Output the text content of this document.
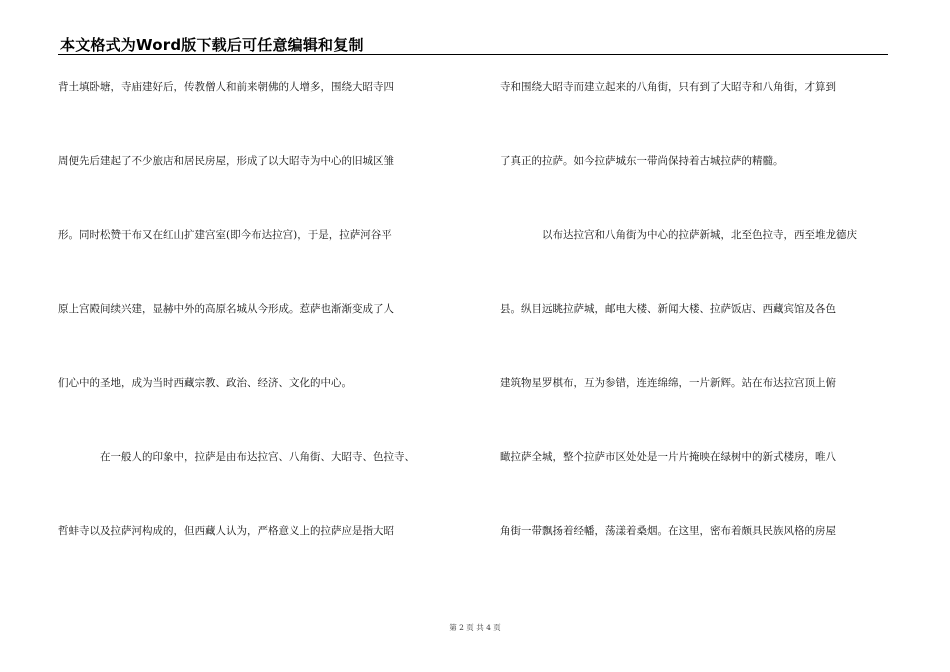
本文格式为Word版下载后可任意编辑和复制
背土填卧塘，寺庙建好后，传教僧人和前来朝佛的人增多，围绕大昭寺四
周便先后建起了不少旅店和居民房屋，形成了以大昭寺为中心的旧城区雏
形。同时松赞干布又在红山扩建宫室(即今布达拉宫)，于是，拉萨河谷平
原上宫殿间续兴建，显赫中外的高原名城从今形成。惹萨也渐渐变成了人
们心中的圣地，成为当时西藏宗教、政治、经济、文化的中心。
在一般人的印象中，拉萨是由布达拉宫、八角街、大昭寺、色拉寺、
哲蚌寺以及拉萨河构成的，但西藏人认为，严格意义上的拉萨应是指大昭
寺和围绕大昭寺而建立起来的八角街，只有到了大昭寺和八角街，才算到
了真正的拉萨。如今拉萨城东一带尚保持着古城拉萨的精髓。
以布达拉宫和八角街为中心的拉萨新城，北至色拉寺，西至堆龙德庆
县。纵目远眺拉萨城，邮电大楼、新闻大楼、拉萨饭店、西藏宾馆及各色
建筑物星罗棋布，互为参错，连连绵绵，一片新辉。站在布达拉宫顶上俯
瞰拉萨全城，整个拉萨市区处处是一片片掩映在绿树中的新式楼房，唯八
角街一带飘扬着经幡，荡漾着桑烟。在这里，密布着颇具民族风格的房屋
第 2 页 共 4 页
